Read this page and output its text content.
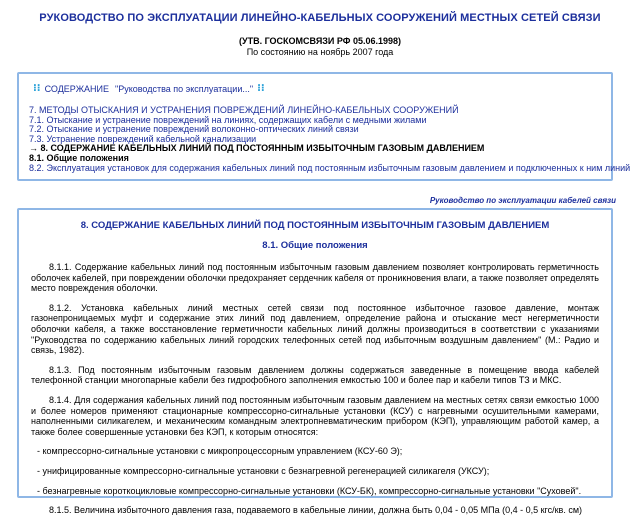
РУКОВОДСТВО ПО ЭКСПЛУАТАЦИИ ЛИНЕЙНО-КАБЕЛЬНЫХ СООРУЖЕНИЙ МЕСТНЫХ СЕТЕЙ СВЯЗИ
(УТВ. ГОСКОМСВЯЗИ РФ 05.06.1998)
По состоянию на ноябрь 2007 года
⁝⁝ СОДЕРЖАНИЕ "Руководства по эксплуатации..." ⁝⁝
7. МЕТОДЫ ОТЫСКАНИЯ И УСТРАНЕНИЯ ПОВРЕЖДЕНИЙ ЛИНЕЙНО-КАБЕЛЬНЫХ СООРУЖЕНИЙ
7.1. Отыскание и устранение повреждений на линиях, содержащих кабели с медными жилами
7.2. Отыскание и устранение повреждений волоконно-оптических линий связи
7.3. Устранение повреждений кабельной канализации
→ 8. СОДЕРЖАНИЕ КАБЕЛЬНЫХ ЛИНИЙ ПОД ПОСТОЯННЫМ ИЗБЫТОЧНЫМ ГАЗОВЫМ ДАВЛЕНИЕМ
8.1. Общие положения
8.2. Эксплуатация установок для содержания кабельных линий под постоянным избыточным газовым давлением и подключенных к ним линий
Руководство по эксплуатации кабелей связи
8. СОДЕРЖАНИЕ КАБЕЛЬНЫХ ЛИНИЙ ПОД ПОСТОЯННЫМ ИЗБЫТОЧНЫМ ГАЗОВЫМ ДАВЛЕНИЕМ
8.1. Общие положения

8.1.1. Содержание кабельных линий под постоянным избыточным газовым давлением позволяет контролировать герметичность оболочек кабелей, при повреждении оболочки предохраняет сердечник кабеля от проникновения влаги, а также позволяет определять место повреждения оболочки.

8.1.2. Установка кабельных линий местных сетей связи под постоянное избыточное газовое давление, монтаж газонепроницаемых муфт и содержание этих линий под давлением, определение района и отыскание мест негерметичности оболочки кабеля, а также восстановление герметичности кабельных линий должны производиться в соответствии с указаниями "Руководства по содержанию кабельных линий городских телефонных сетей под избыточным воздушным давлением" (М.: Радио и связь, 1982).

8.1.3. Под постоянным избыточным газовым давлением должны содержаться заведенные в помещение ввода кабелей телефонной станции многопарные кабели без гидрофобного заполнения емкостью 100 и более пар и кабели типов ТЗ и МКС.

8.1.4. Для содержания кабельных линий под постоянным избыточным газовым давлением на местных сетях связи емкостью 1000 и более номеров применяют стационарные компрессорно-сигнальные установки (КСУ) с нагревными осушительными камерами, наполненными силикагелем, и механическим командным электропневматическим прибором (КЭП), управляющим работой камер, а также более совершенные установки без КЭП, к которым относятся:

- компрессорно-сигнальные установки с микропроцессорным управлением (КСУ-60 Э);
- унифицированные компрессорно-сигнальные установки с безнагревной регенерацией силикагеля (УКСУ);
- безнагревные короткоцикловые компрессорно-сигнальные установки (КСУ-БК), компрессорно-сигнальные установки "Суховей".

8.1.5. Величина избыточного давления газа, подаваемого в кабельные линии, должна быть 0,04 - 0,05 МПа (0,4 - 0,5 кгс/кв. см)
